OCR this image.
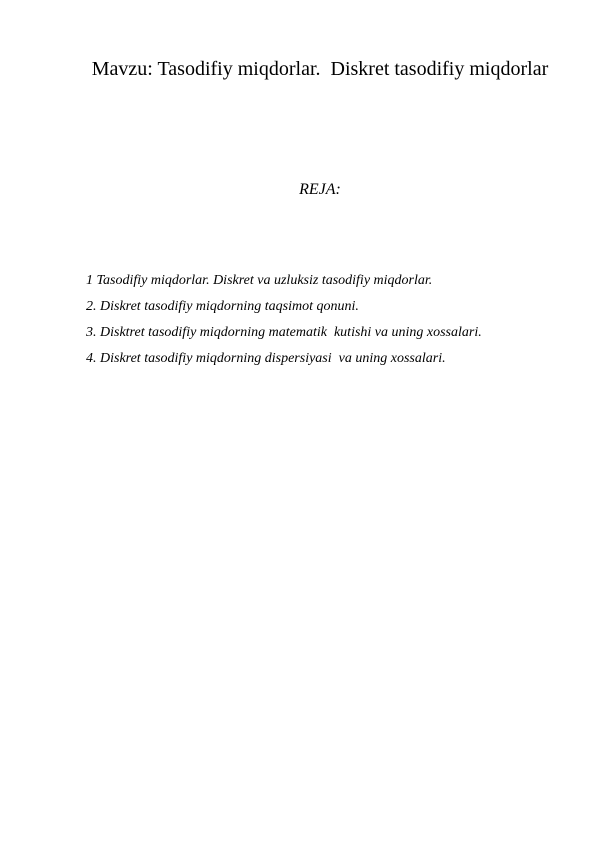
Mavzu: Tasodifiy miqdorlar.  Diskret tasodifiy miqdorlar
REJA:
1 Tasodifiy miqdorlar. Diskret va uzluksiz tasodifiy miqdorlar.
2. Diskret tasodifiy miqdorning taqsimot qonuni.
3. Disktret tasodifiy miqdorning matematik  kutishi va uning xossalari.
4. Diskret tasodifiy miqdorning dispersiyasi  va uning xossalari.
